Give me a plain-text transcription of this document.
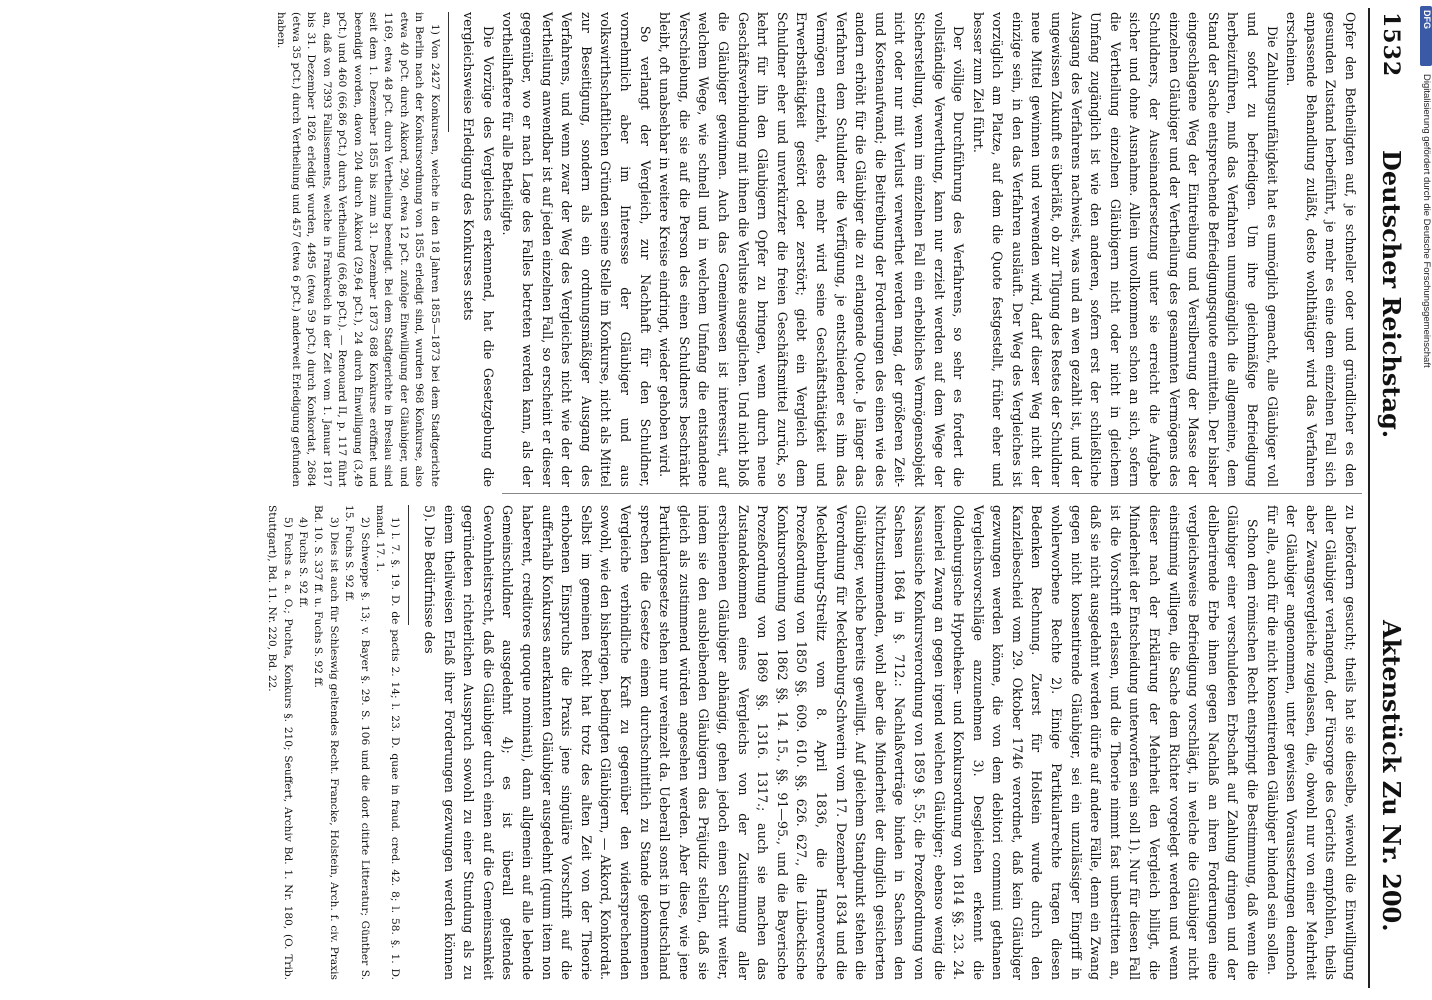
1532
Deutscher Reichstag.
Aktenstück Zu Nr. 200.

Opfer den Betheiligten auf, je schneller oder und gründlicher es den gesunden Zustand herbeiführt, je mehr es eine dem einzelnen Fall sich anpassende Behandlung zuläßt, desto wohlthätiger wird das Verfahren erscheinen.

Die Zahlungsunfähigkeit hat es unmöglich gemacht, alle Gläubiger voll und sofort zu befriedigen. Um ihre gleichmäßige Befriedigung herbeizuführen, muß das Verfahren unumgänglich die allgemeine, dem Stand der Sache entsprechende Befriedigungsquote ermitteln. Der bisher eingeschlagene Weg der Eintreibung und Versilberung der Masse der einzelnen Gläubiger und der Vertheilung des gesammten Vermögens des Schuldners, der Auseinandersetzung unter sie erreicht die Aufgabe sicher und ohne Ausnahme. Allein unvollkommen schon an sich, sofern die Vertheilung einzelnen Gläubigern nicht oder nicht in gleichem Umfang zugänglich ist wie den anderen, sofern erst der schließliche Ausgang des Verfahrens nachweist, was und an wen gezahlt ist, und der ungewissen Zukunft es überläßt, ob zur Tilgung des Restes der Schuldner neue Mittel gewinnen und verwenden wird, darf dieser Weg nicht der einzige sein, in den das Verfahren ausläuft. Der Weg des Vergleiches ist vorzüglich am Platze, auf dem die Quote festgestellt, früher eher und besser zum Ziel führt.

Der völlige Durchführung des Verfahrens, so sehr es fordert die vollständige Verwerthung, kann nur erzielt werden auf dem Wege der Sicherstellung, wenn im einzelnen Fall ein erhebliches Vermögensobjekt nicht oder nur mit Verlust verwerthet werden mag, der größeren Zeit- und Kostenaufwand; die Beitreibung der Forderungen des einen wie des andern erhöht für die Gläubiger die zu erlangende Quote. Je länger das Verfahren dem Schuldner die Verfügung, je entschiedener es ihm das Vermögen entzieht, desto mehr wird seine Geschäftsthätigkeit und Erwerbsthätigkeit gestört oder zerstört; giebt ein Vergleich dem Schuldner eher und unverkürzter die freien Geschäftsmittel zurück, so kehrt für ihn den Gläubigern Opfer zu bringen, wenn durch neue Geschäftsverbindung mit ihnen die Verluste ausgeglichen. Und nicht bloß die Gläubiger gewinnen. Auch das Gemeinwesen ist interessirt, auf welchem Wege, wie schnell und in welchem Umfang die entstandene Verschiebung, die sie auf die Person des einen Schuldners beschränkt bleibt, oft unabsehbar in weitere Kreise eindringt, wieder gehoben wird.

So verlangt der Vergleich, zur Nachhaft für den Schuldner, vornehmlich aber im Interesse der Gläubiger und aus volkswirthschaftlichen Gründen seine Stelle im Konkurse, nicht als Mittel zur Beseitigung, sondern als ein ordnungsmäßiger Ausgang des Verfahrens, und wenn zwar der Weg des Vergleiches nicht wie der der Vertheilung anwendbar ist auf jeden einzelnen Fall, so erscheint er dieser gegenüber, wo er nach Lage des Falles betreten werden kann, als der vortheilhaftere für alle Betheiligte.

Die Vorzüge des Vergleiches erkennend, hat die Gesetzgebung die vergleichsweise Erledigung des Konkurses stets

1) Von 2427 Konkursen, welche in den 18 Jahren 1855—1873 bei dem Stadtgerichte in Berlin nach der Konkursordnung von 1855 erledigt sind, wurden 968 Konkurse, also etwa 40 pCt. durch Akkord, 290, etwa 12 pCt. zufolge Einwilligung der Gläubiger, und 1169, etwa 48 pCt. durch Vertheilung beendigt. Bei dem Stadtgerichte in Breslau sind seit dem 1. Dezember 1855 bis zum 31. Dezember 1873 688 Konkurse eröffnet und beendigt worden, davon 204 durch Akkord (29,64 pCt.), 24 durch Einwilligung (3,49 pCt.) und 460 (66,86 pCt.) durch Vertheilung (66,86 pCt.). — Renouard II, p. 117 führt an, daß von 7393 Fallissements, welche in Frankreich in der Zeit vom 1. Januar 1817 bis 31. Dezember 1826 erledigt wurden, 4495 (etwa 59 pCt.) durch Konkordat, 2684 (etwa 35 pCt.) durch Vertheilung und 457 (etwa 6 pCt.) anderweit Erledigung gefunden haben.

zu befördern gesucht; theils hat sie dieselbe, wiewohl die Einwilligung aller Gläubiger verlangend, der Fürsorge des Gerichts empfohlen, theils aber Zwangsvergleiche zugelassen, die, obwohl nur von einer Mehrheit der Gläubiger angenommen, unter gewissen Voraussetzungen dennoch für alle, auch für die nicht konsentirenden Gläubiger bindend sein sollen.

Schon dem römischen Recht entspringt die Bestimmung, daß wenn die Gläubiger einer verschuldeten Erbschaft auf Zahlung dringen und der deliberirende Erbe ihnen gegen Nachlaß an ihren Forderungen eine vergleichsweise Befriedigung vorschlägt, in welche die Gläubiger nicht einstimmig willigen, die Sache dem Richter vorgelegt werden und wenn dieser nach der Erklärung der Mehrheit den Vergleich billigt, die Minderheit der Entscheidung unterworfen sein soll 1). Nur für diesen Fall ist die Vorschrift erlassen, und die Theorie nimmt fast unbestritten an, daß sie nicht ausgedehnt werden dürfe auf andere Fälle, denn ein Zwang gegen nicht konsentirende Gläubiger, sei ein unzulässiger Eingriff in wohlerworbene Rechte 2). Einige Partikularrechte tragen diesen Bedenken Rechnung. Zuerst für Holstein wurde durch den Kanzleibescheid vom 29. Oktober 1746 verordnet, daß kein Gläubiger gezwungen werden könne, die von dem debitori communi gethanen Vergleichsvorschläge anzunehmen 3). Desgleichen erkennt die Oldenburgische Hypotheken- und Konkursordnung von 1814 §§. 23. 24. keinerlei Zwang an gegen irgend welchen Gläubiger; ebenso wenig die Nassauische Konkursverordnung von 1859 §. 55; die Prozeßordnung von Sachsen 1864 in §. 712.: Nachlaßverträge binden in Sachsen den Nichtzustimmenden, wohl aber die Minderheit der dinglich gesicherten Gläubiger, welche bereits gewilligt. Auf gleichem Standpunkt stehen die Verordnung für Mecklenburg-Schwerin vom 17. Dezember 1834 und die Mecklenburg-Strelitz vom 8. April 1836, die Hannoversche Prozeßordnung von 1850 §§. 609. 610. §§. 626. 627., die Lübeckische Konkursordnung von 1862 §§. 14. 15., §§. 91—95., und die Bayerische Prozeßordnung von 1869 §§. 1316. 1317.; auch sie machen das Zustandekommen eines Vergleichs von der Zustimmung aller erschienenen Gläubiger abhängig, gehen jedoch einen Schritt weiter, indem sie den ausbleibenden Gläubigern das Präjudiz stellen, daß sie gleich als zustimmend würden angesehen werden. Aber diese, wie jene Partikulargesetze stehen nur vereinzelt da. Ueberall sonst in Deutschland sprechen die Gesetze einem durchschnittlich zu Stande gekommenen Vergleiche verbindliche Kraft zu gegenüber den widersprechenden sowohl, wie den bisherigen, bedingten Gläubigern, — Akkord, Konkordat. Selbst im gemeinen Recht hat trotz des alten Zeit von der Theorie erhobenen Einspruchs die Praxis jene singuläre Vorschrift auf die aufferhalb Konkurses anerkannten Gläubiger ausgedehnt (quum item non haberent, creditores quoque nominati), dann allgemein auf alle lebende Gemeinschuldner ausgedehnt 4); es ist überall geltendes Gewohnheitsrecht, daß die Gläubiger durch einen auf die Gemeinsamkeit gegründeten richterlichen Ausspruch sowohl zu einer Stundung als zu einem theilweisen Erlaß ihrer Forderungen gezwungen werden können 5). Die Bedürfnisse des

1) l. 7. §. 19. D. de pactis 2. 14; l. 23. D. quae in fraud. cred. 42. 8; l. 58. §. 1. D. mand. 17. 1.

2) Schweppe §. 13; v. Bayer §. 29. S. 106 und die dort citirte Litteratur; Günther S. 15. Fuchs S. 92 ff.

3) Dies ist auch für Schleswig geltendes Recht. Francke, Holstein, Arch. f. civ. Praxis Bd. 10. S. 337 ff. u. Fuchs S. 92 ff.

4) Fuchs S. 92 ff.

5) Fuchs a. a. O.; Puchta, Konkurs §. 210; Seuffert, Archiv Bd. 1. Nr. 180, (O. Trib. Stuttgart), Bd. 11. Nr. 220, Bd. 22.

DFG
Digitalisierung gefördert durch die Deutsche Forschungsgemeinschaft
